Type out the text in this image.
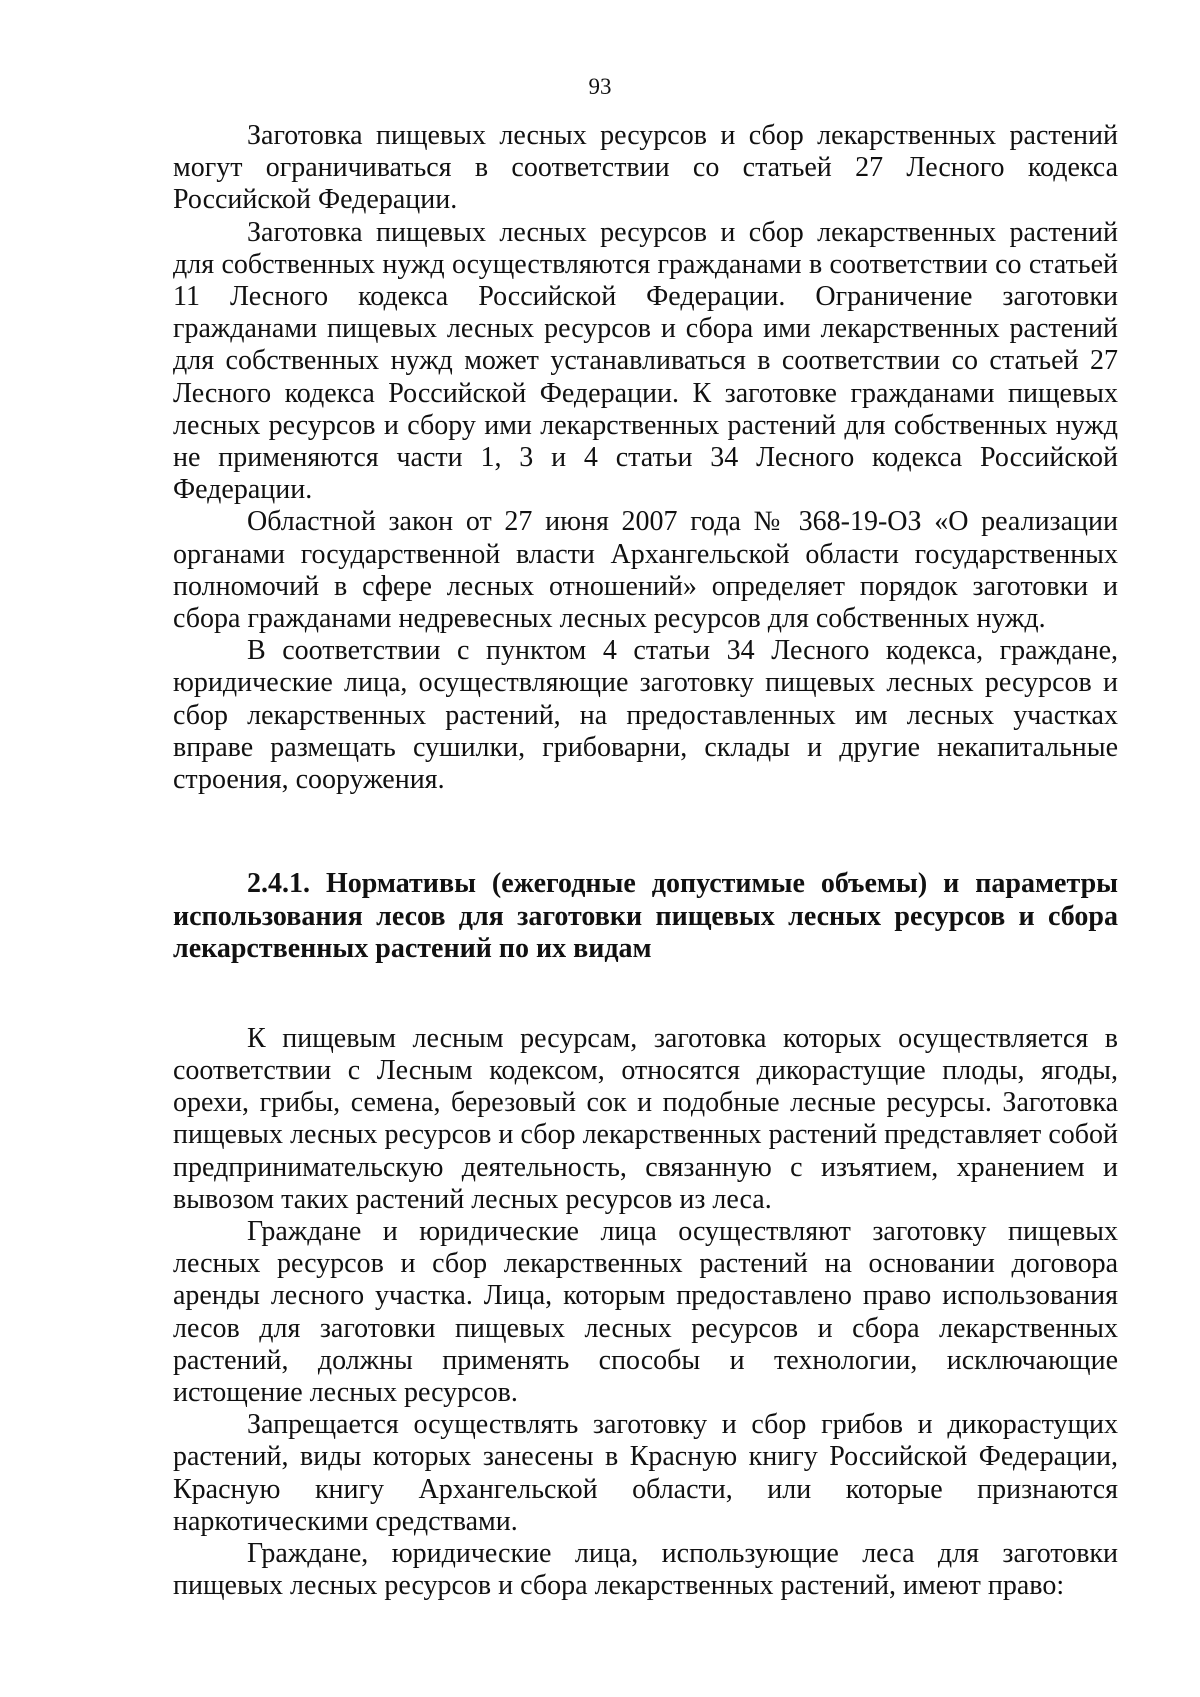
93

Заготовка пищевых лесных ресурсов и сбор лекарственных растений могут ограничиваться в соответствии со статьей 27 Лесного кодекса Российской Федерации.

Заготовка пищевых лесных ресурсов и сбор лекарственных растений для собственных нужд осуществляются гражданами в соответствии со статьей 11 Лесного кодекса Российской Федерации. Ограничение заготовки гражданами пищевых лесных ресурсов и сбора ими лекарственных растений для собственных нужд может устанавливаться в соответствии со статьей 27 Лесного кодекса Российской Федерации. К заготовке гражданами пищевых лесных ресурсов и сбору ими лекарственных растений для собственных нужд не применяются части 1, 3 и 4 статьи 34 Лесного кодекса Российской Федерации.

Областной закон от 27 июня 2007 года № 368-19-ОЗ «О реализации органами государственной власти Архангельской области государственных полномочий в сфере лесных отношений» определяет порядок заготовки и сбора гражданами недревесных лесных ресурсов для собственных нужд.

В соответствии с пунктом 4 статьи 34 Лесного кодекса, граждане, юридические лица, осуществляющие заготовку пищевых лесных ресурсов и сбор лекарственных растений, на предоставленных им лесных участках вправе размещать сушилки, грибоварни, склады и другие некапитальные строения, сооружения.

2.4.1. Нормативы (ежегодные допустимые объемы) и параметры использования лесов для заготовки пищевых лесных ресурсов и сбора лекарственных растений по их видам

К пищевым лесным ресурсам, заготовка которых осуществляется в соответствии с Лесным кодексом, относятся дикорастущие плоды, ягоды, орехи, грибы, семена, березовый сок и подобные лесные ресурсы. Заготовка пищевых лесных ресурсов и сбор лекарственных растений представляет собой предпринимательскую деятельность, связанную с изъятием, хранением и вывозом таких растений лесных ресурсов из леса.

Граждане и юридические лица осуществляют заготовку пищевых лесных ресурсов и сбор лекарственных растений на основании договора аренды лесного участка. Лица, которым предоставлено право использования лесов для заготовки пищевых лесных ресурсов и сбора лекарственных растений, должны применять способы и технологии, исключающие истощение лесных ресурсов.

Запрещается осуществлять заготовку и сбор грибов и дикорастущих растений, виды которых занесены в Красную книгу Российской Федерации, Красную книгу Архангельской области, или которые признаются наркотическими средствами.

Граждане, юридические лица, использующие леса для заготовки пищевых лесных ресурсов и сбора лекарственных растений, имеют право:
